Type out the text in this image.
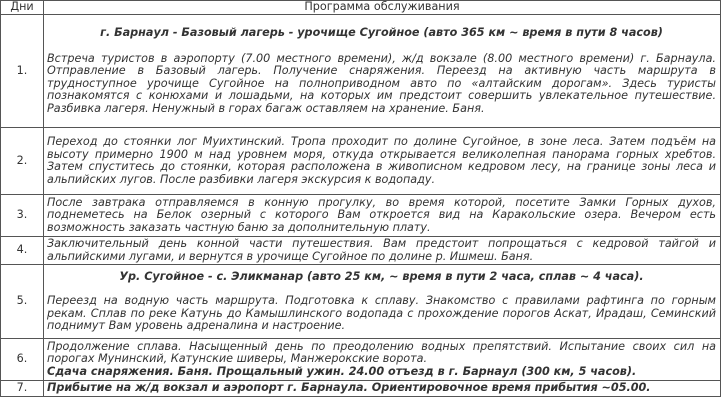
Дни	Программа обслуживания
1.	г. Барнаул - Базовый лагерь - урочище Сугойное (авто 365 км ~ время в пути 8 часов)

Встреча туристов в аэропорту (7.00 местного времени), ж/д вокзале (8.00 местного времени) г. Барнаула. Отправление в Базовый лагерь. Получение снаряжения. Переезд на активную часть маршрута в трудноступное урочище Сугойное на полноприводном авто по «алтайским дорогам». Здесь туристы познакомятся с конюхами и лошадьми, на которых им предстоит совершить увлекательное путешествие. Разбивка лагеря. Ненужный в горах багаж оставляем на хранение. Баня.

2.	Переход до стоянки лог Муихтинский. Тропа проходит по долине Сугойное, в зоне леса. Затем подъём на высоту примерно 1900 м над уровнем моря, откуда открывается великолепная панорама горных хребтов. Затем спуститесь до стоянки, которая расположена в живописном кедровом лесу, на границе зоны леса и альпийских лугов. После разбивки лагеря экскурсия к водопаду.

3.	После завтрака отправляемся в конную прогулку, во время которой, посетите Замки Горных духов, поднеметесь на Белок озерный с которого Вам откроется вид на Каракольские озера. Вечером есть возможность заказать частную баню за дополнительную плату.

4.	Заключительный день конной части путешествия. Вам предстоит попрощаться с кедровой тайгой и альпийскими лугами, и вернутся в урочище Сугойное по долине р. Ишмеш. Баня.

5.	Ур. Сугойное - с. Эликманар (авто 25 км, ~ время в пути 2 часа, сплав ~ 4 часа).

Переезд на водную часть маршрута. Подготовка к сплаву. Знакомство с правилами рафтинга по горным рекам. Сплав по реке Катунь до Камышлинского водопада с прохождение порогов Аскат, Ирадаш, Семинский поднимут Вам уровень адреналина и настроение.

6.	Продолжение сплава. Насыщенный день по преодолению водных препятствий. Испытание своих сил на порогах Мунинский, Катунские шиверы, Манжерокские ворота.

Сдача снаряжения. Баня. Прощальный ужин. 24.00 отъезд в г. Барнаул (300 км, 5 часов).

7.	Прибытие на ж/д вокзал и аэропорт г. Барнаула. Ориентировочное время прибытия ~05.00.
